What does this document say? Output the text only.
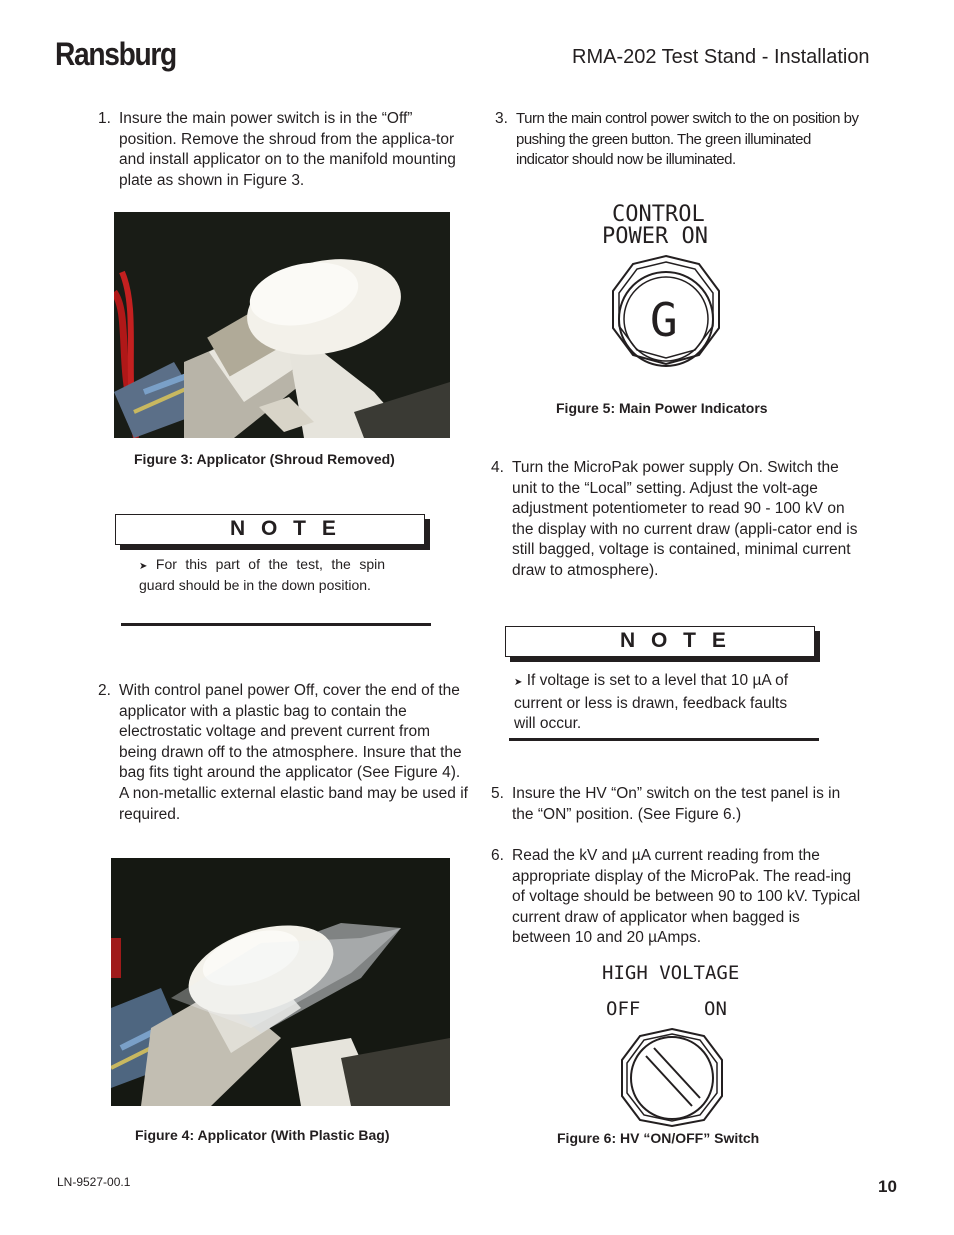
Ransburg	RMA-202 Test Stand - Installation
1. Insure the main power switch is in the “Off” position. Remove the shroud from the applica-tor and install applicator on to the manifold mounting plate as shown in Figure 3.
Figure 3: Applicator (Shroud Removed)
N O T E
➤ For this part of the test, the spin guard should be in the down position.
2. With control panel power Off, cover the end of the applicator with a plastic bag to contain the electrostatic voltage and prevent current from being drawn off to the atmosphere. Insure that the bag fits tight around the applicator (See Figure 4). A non-metallic external elastic band may be used if required.
Figure 4: Applicator (With Plastic Bag)
3. Turn the main control power switch to the on position by pushing the green button. The green illuminated indicator should now be illuminated.
CONTROL
POWER ON
G
Figure 5: Main Power Indicators
4. Turn the MicroPak power supply On. Switch the unit to the “Local” setting. Adjust the volt-age adjustment potentiometer to read 90 - 100 kV on the display with no current draw (appli-cator end is still bagged, voltage is contained, minimal current draw to atmosphere).
N O T E
➤ If voltage is set to a level that 10 µA of current or less is drawn, feedback faults will occur.
5. Insure the HV “On” switch on the test panel is in the “ON” position. (See Figure 6.)
6. Read the kV and µA current reading from the appropriate display of the MicroPak. The read-ing of voltage should be between 90 to 100 kV. Typical current draw of applicator when bagged is between 10 and 20 µAmps.
HIGH VOLTAGE
OFF	ON
Figure 6: HV “ON/OFF” Switch
LN-9527-00.1	10
